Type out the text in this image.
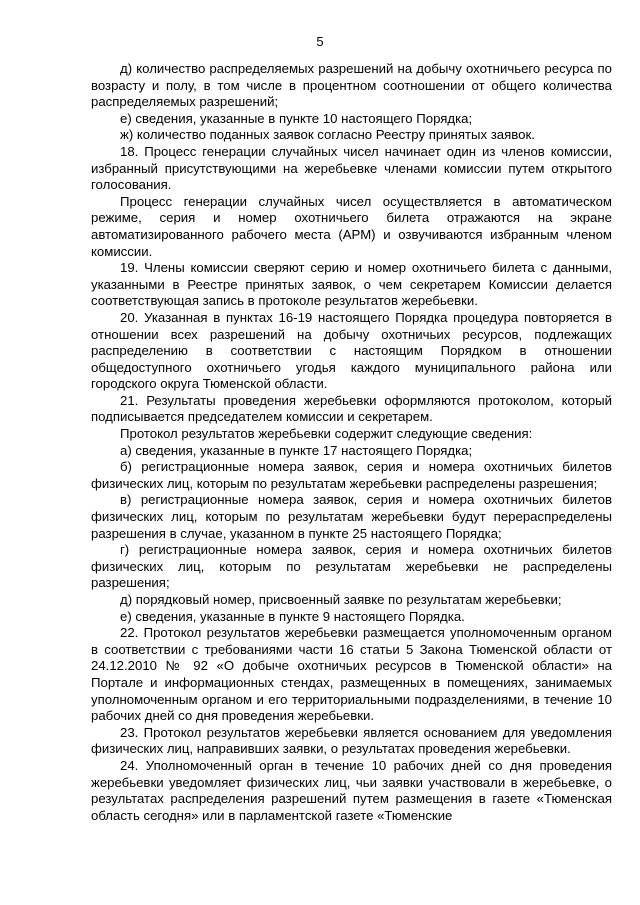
5

д) количество распределяемых разрешений на добычу охотничьего ресурса по возрасту и полу, в том числе в процентном соотношении от общего количества распределяемых разрешений;

е) сведения, указанные в пункте 10 настоящего Порядка;

ж) количество поданных заявок согласно Реестру принятых заявок.

18. Процесс генерации случайных чисел начинает один из членов комиссии, избранный присутствующими на жеребьевке членами комиссии путем открытого голосования.

Процесс генерации случайных чисел осуществляется в автоматическом режиме, серия и номер охотничьего билета отражаются на экране автоматизированного рабочего места (АРМ) и озвучиваются избранным членом комиссии.

19. Члены комиссии сверяют серию и номер охотничьего билета с данными, указанными в Реестре принятых заявок, о чем секретарем Комиссии делается соответствующая запись в протоколе результатов жеребьевки.

20. Указанная в пунктах 16-19 настоящего Порядка процедура повторяется в отношении всех разрешений на добычу охотничьих ресурсов, подлежащих распределению в соответствии с настоящим Порядком в отношении общедоступного охотничьего угодья каждого муниципального района или городского округа Тюменской области.

21. Результаты проведения жеребьевки оформляются протоколом, который подписывается председателем комиссии и секретарем.

Протокол результатов жеребьевки содержит следующие сведения:

а) сведения, указанные в пункте 17 настоящего Порядка;

б) регистрационные номера заявок, серия и номера охотничьих билетов физических лиц, которым по результатам жеребьевки распределены разрешения;

в) регистрационные номера заявок, серия и номера охотничьих билетов физических лиц, которым по результатам жеребьевки будут перераспределены разрешения в случае, указанном в пункте 25 настоящего Порядка;

г) регистрационные номера заявок, серия и номера охотничьих билетов физических лиц, которым по результатам жеребьевки не распределены разрешения;

д) порядковый номер, присвоенный заявке по результатам жеребьевки;

е) сведения, указанные в пункте 9 настоящего Порядка.

22. Протокол результатов жеребьевки размещается уполномоченным органом в соответствии с требованиями части 16 статьи 5 Закона Тюменской области от 24.12.2010 № 92 «О добыче охотничьих ресурсов в Тюменской области» на Портале и информационных стендах, размещенных в помещениях, занимаемых уполномоченным органом и его территориальными подразделениями, в течение 10 рабочих дней со дня проведения жеребьевки.

23. Протокол результатов жеребьевки является основанием для уведомления физических лиц, направивших заявки, о результатах проведения жеребьевки.

24. Уполномоченный орган в течение 10 рабочих дней со дня проведения жеребьевки уведомляет физических лиц, чьи заявки участвовали в жеребьевке, о результатах распределения разрешений путем размещения в газете «Тюменская область сегодня» или в парламентской газете «Тюменские
